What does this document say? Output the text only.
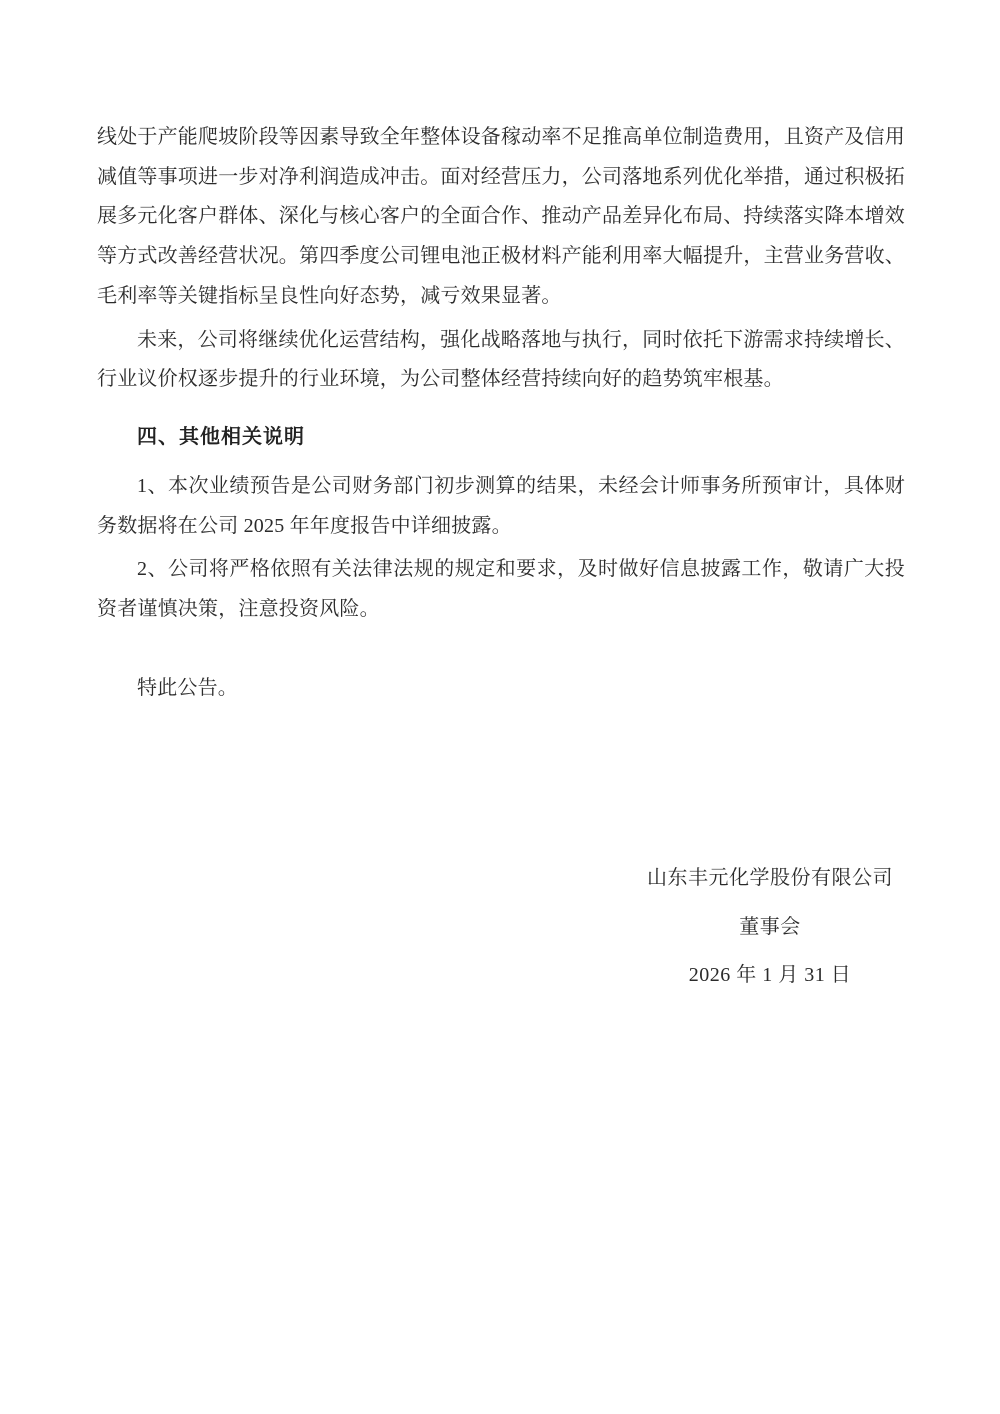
线处于产能爬坡阶段等因素导致全年整体设备稼动率不足推高单位制造费用，且资产及信用减值等事项进一步对净利润造成冲击。面对经营压力，公司落地系列优化举措，通过积极拓展多元化客户群体、深化与核心客户的全面合作、推动产品差异化布局、持续落实降本增效等方式改善经营状况。第四季度公司锂电池正极材料产能利用率大幅提升，主营业务营收、毛利率等关键指标呈良性向好态势，减亏效果显著。

未来，公司将继续优化运营结构，强化战略落地与执行，同时依托下游需求持续增长、行业议价权逐步提升的行业环境，为公司整体经营持续向好的趋势筑牢根基。

四、其他相关说明

1、本次业绩预告是公司财务部门初步测算的结果，未经会计师事务所预审计，具体财务数据将在公司 2025 年年度报告中详细披露。

2、公司将严格依照有关法律法规的规定和要求，及时做好信息披露工作，敬请广大投资者谨慎决策，注意投资风险。

特此公告。

山东丰元化学股份有限公司
董事会
2026 年 1 月 31 日
